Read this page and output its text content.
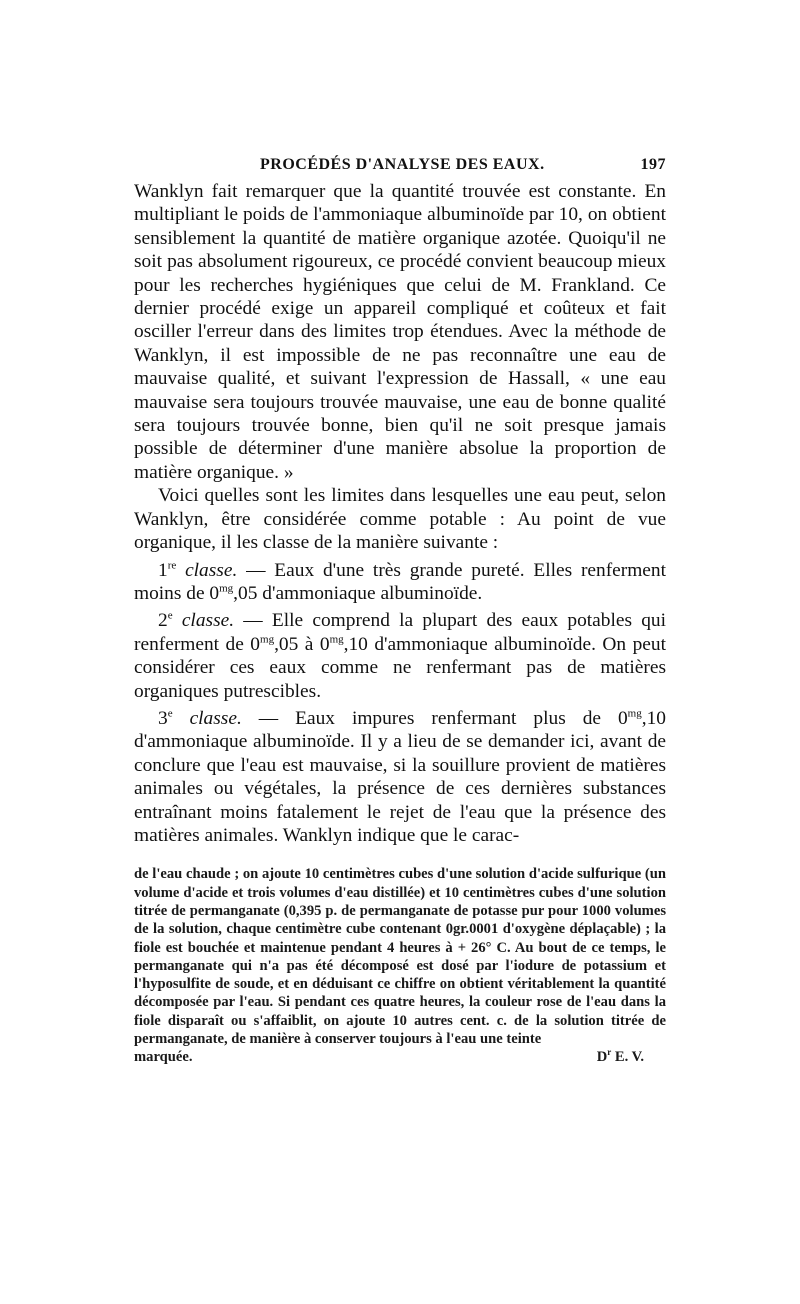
PROCÉDÉS D'ANALYSE DES EAUX.	197

Wanklyn fait remarquer que la quantité trouvée est constante. En multipliant le poids de l'ammoniaque albuminoïde par 10, on obtient sensiblement la quantité de matière organique azotée. Quoiqu'il ne soit pas absolument rigoureux, ce procédé convient beaucoup mieux pour les recherches hygiéniques que celui de M. Frankland. Ce dernier procédé exige un appareil compliqué et coûteux et fait osciller l'erreur dans des limites trop étendues. Avec la méthode de Wanklyn, il est impossible de ne pas reconnaître une eau de mauvaise qualité, et suivant l'expression de Hassall, « une eau mauvaise sera toujours trouvée mauvaise, une eau de bonne qualité sera toujours trouvée bonne, bien qu'il ne soit presque jamais possible de déterminer d'une manière absolue la proportion de matière organique. »

Voici quelles sont les limites dans lesquelles une eau peut, selon Wanklyn, être considérée comme potable : Au point de vue organique, il les classe de la manière suivante :

1re classe. — Eaux d'une très grande pureté. Elles renferment moins de $0^{mg},05$ d'ammoniaque albuminoïde.

2e classe. — Elle comprend la plupart des eaux potables qui renferment de $0^{mg},05$ à $0^{mg},10$ d'ammoniaque albuminoïde. On peut considérer ces eaux comme ne renfermant pas de matières organiques putrescibles.

3e classe. — Eaux impures renfermant plus de $0^{mg},10$ d'ammoniaque albuminoïde. Il y a lieu de se demander ici, avant de conclure que l'eau est mauvaise, si la souillure provient de matières animales ou végétales, la présence de ces dernières substances entraînant moins fatalement le rejet de l'eau que la présence des matières animales. Wanklyn indique que le carac-

de l'eau chaude ; on ajoute 10 centimètres cubes d'une solution d'acide sulfurique (un volume d'acide et trois volumes d'eau distillée) et 10 centimètres cubes d'une solution titrée de permanganate (0,395 p. de permanganate de potasse pur pour 1000 volumes de la solution, chaque centimètre cube contenant 0gr.0001 d'oxygène déplaçable) ; la fiole est bouchée et maintenue pendant 4 heures à + 26° C. Au bout de ce temps, le permanganate qui n'a pas été décomposé est dosé par l'iodure de potassium et l'hyposulfite de soude, et en déduisant ce chiffre on obtient véritablement la quantité décomposée par l'eau. Si pendant ces quatre heures, la couleur rose de l'eau dans la fiole disparaît ou s'affaiblit, on ajoute 10 autres cent. c. de la solution titrée de permanganate, de manière à conserver toujours à l'eau une teinte

marquée.	$D^r$ E. V.
